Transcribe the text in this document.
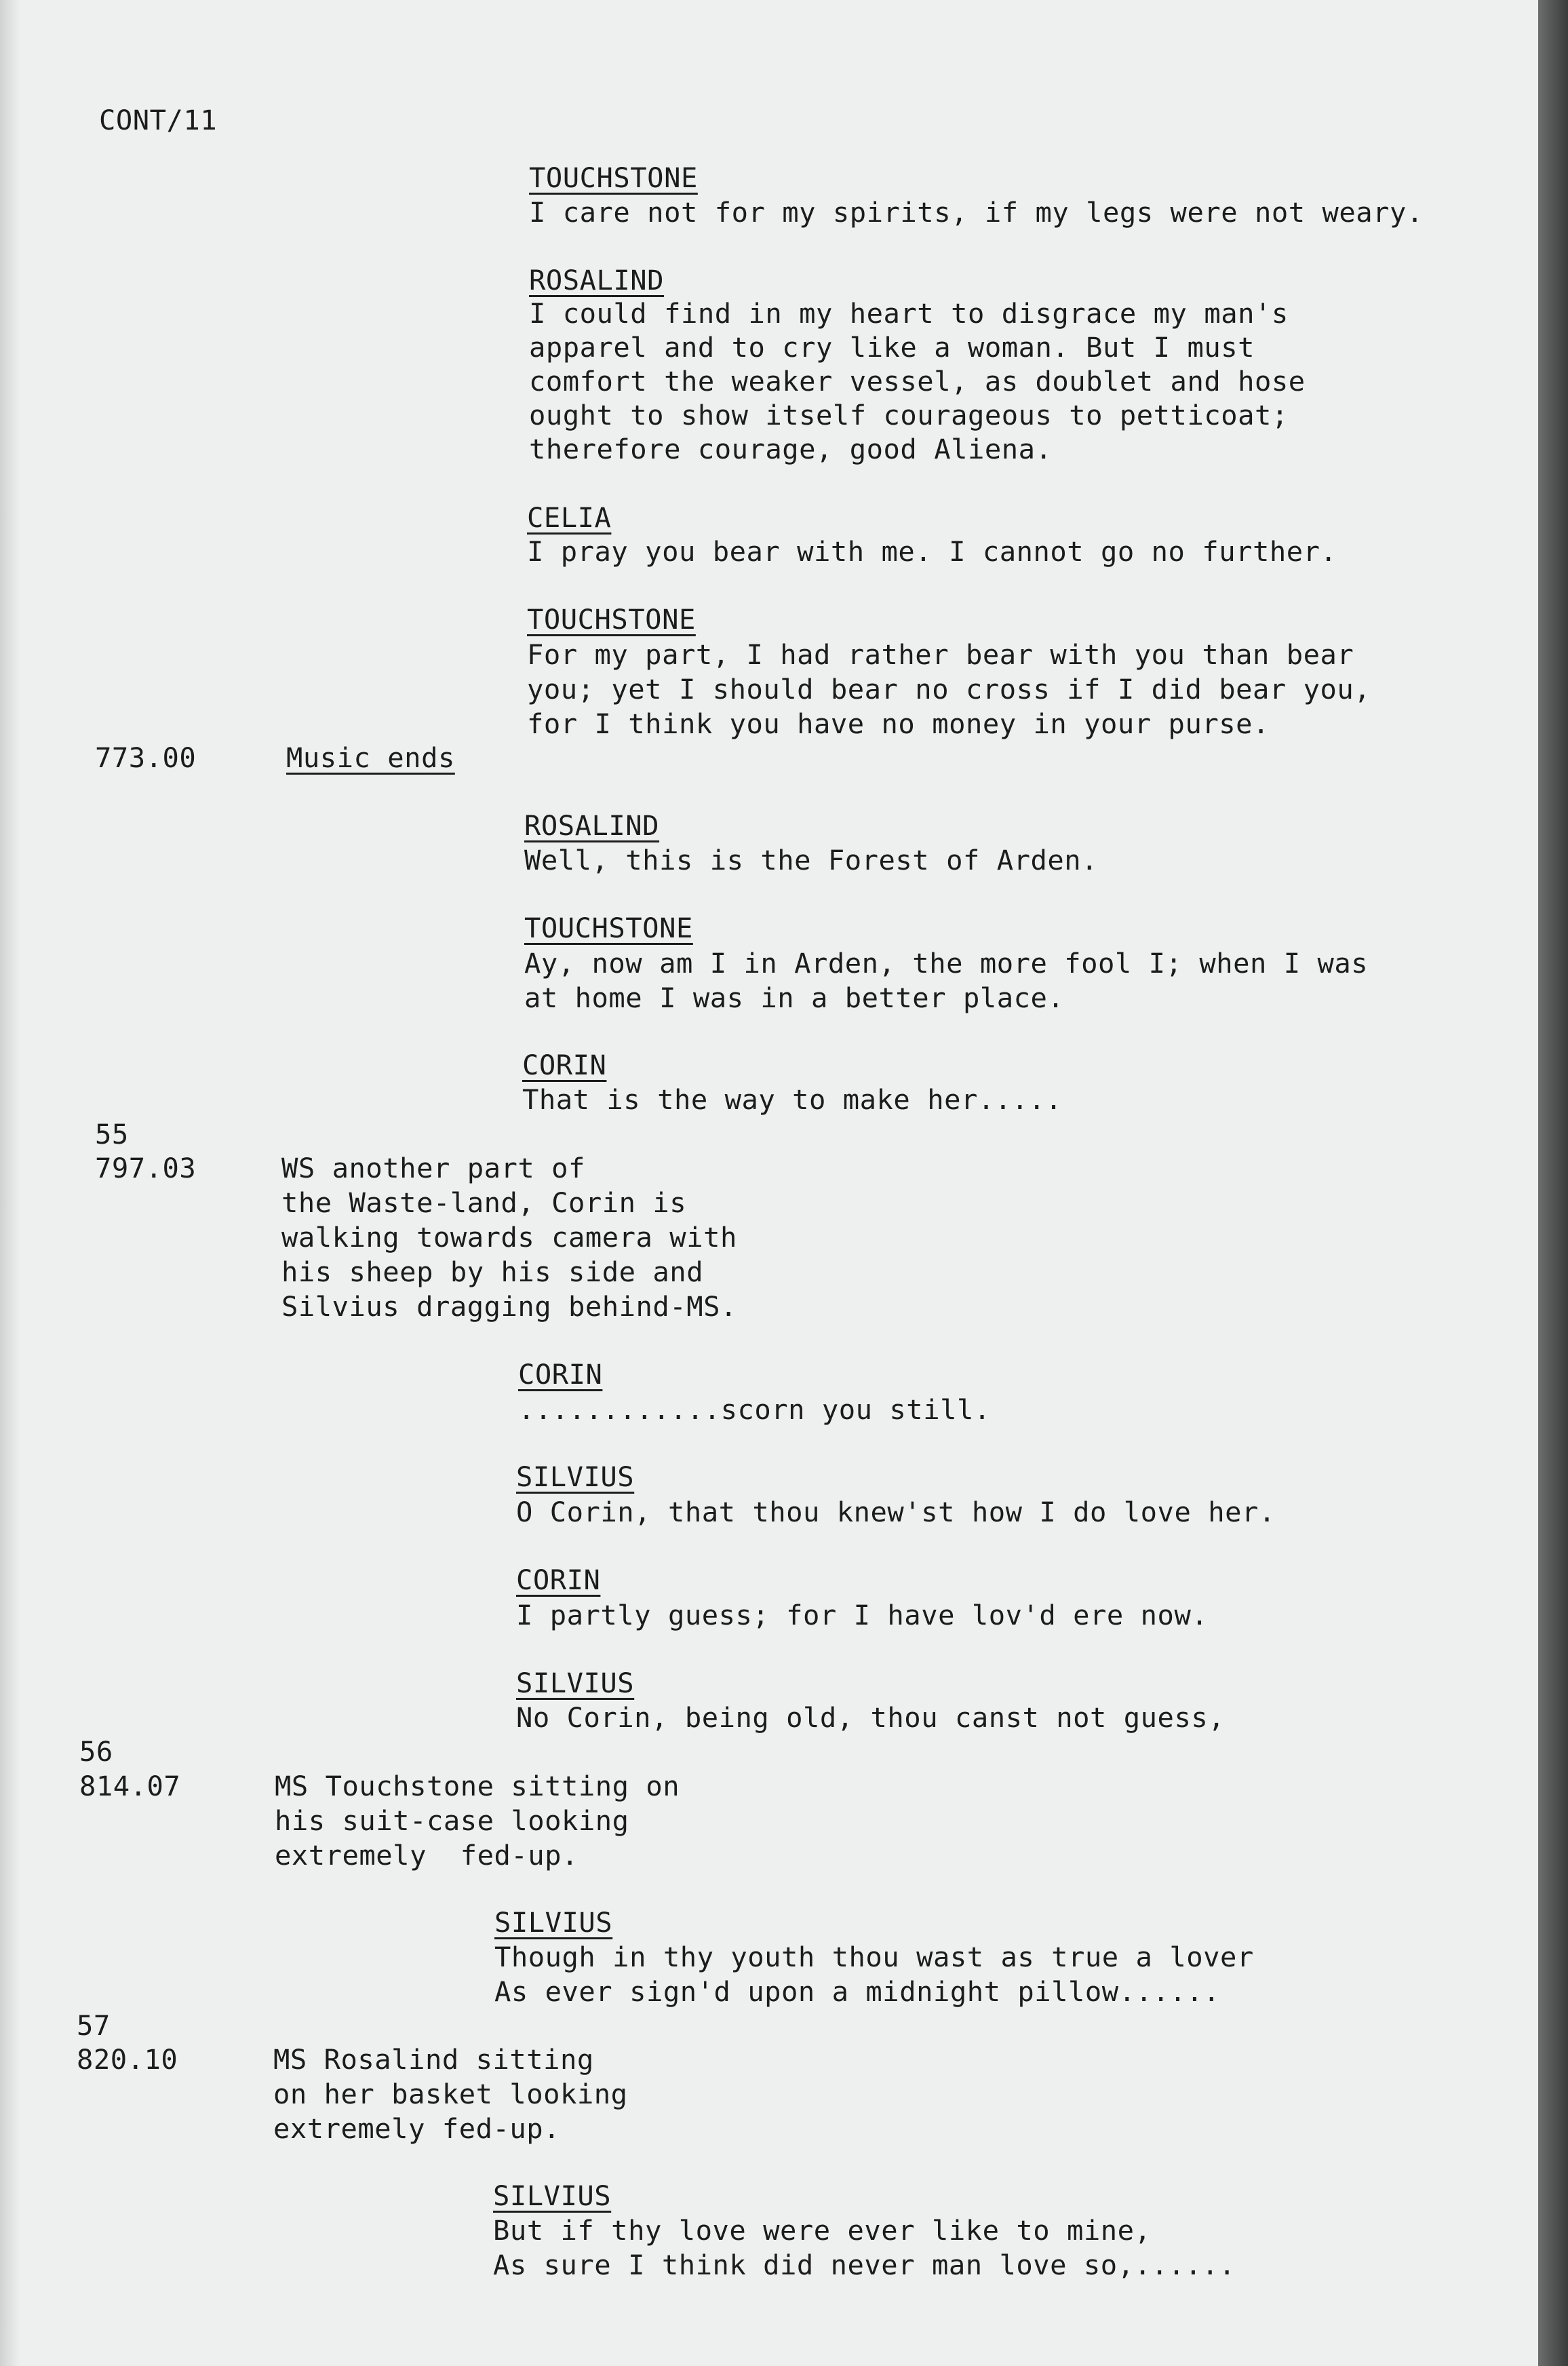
CONT/11

TOUCHSTONE

I care not for my spirits, if my legs were not weary.

ROSALIND

I could find in my heart to disgrace my man's

apparel and to cry like a woman. But I must

comfort the weaker vessel, as doublet and hose

ought to show itself courageous to petticoat;

therefore courage, good Aliena.

CELIA

I pray you bear with me. I cannot go no further.

TOUCHSTONE

For my part, I had rather bear with you than bear

you; yet I should bear no cross if I did bear you,

for I think you have no money in your purse.

773.00	Music ends

ROSALIND

Well, this is the Forest of Arden.

TOUCHSTONE

Ay, now am I in Arden, the more fool I; when I was

at home I was in a better place.

CORIN

That is the way to make her.....

55

797.03	WS another part of

the Waste-land, Corin is

walking towards camera with

his sheep by his side and

Silvius dragging behind-MS.

CORIN

............scorn you still.

SILVIUS

O Corin, that thou knew'st how I do love her.

CORIN

I partly guess; for I have lov'd ere now.

SILVIUS

No Corin, being old, thou canst not guess,

56

814.07	MS Touchstone sitting on

his suit-case looking

extremely  fed-up.

SILVIUS

Though in thy youth thou wast as true a lover

As ever sign'd upon a midnight pillow......

57

820.10	MS Rosalind sitting

on her basket looking

extremely fed-up.

SILVIUS

But if thy love were ever like to mine,

As sure I think did never man love so,......
